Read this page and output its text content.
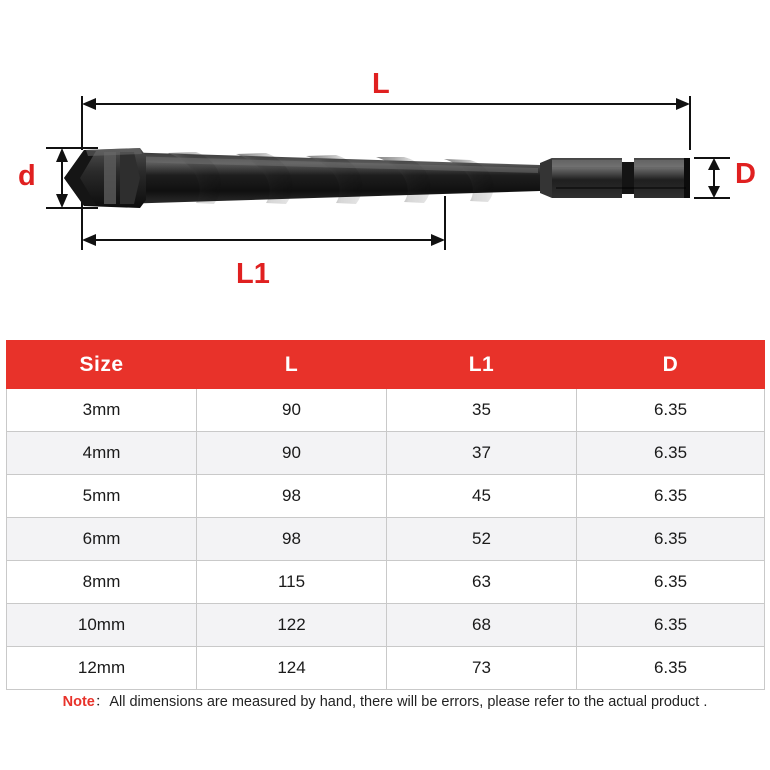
L
d	D
L1
Size	L	L1	D
3mm	90	35	6.35
4mm	90	37	6.35
5mm	98	45	6.35
6mm	98	52	6.35
8mm	115	63	6.35
10mm	122	68	6.35
12mm	124	73	6.35
Note：All dimensions are measured by hand, there will be errors, please refer to the actual product .
